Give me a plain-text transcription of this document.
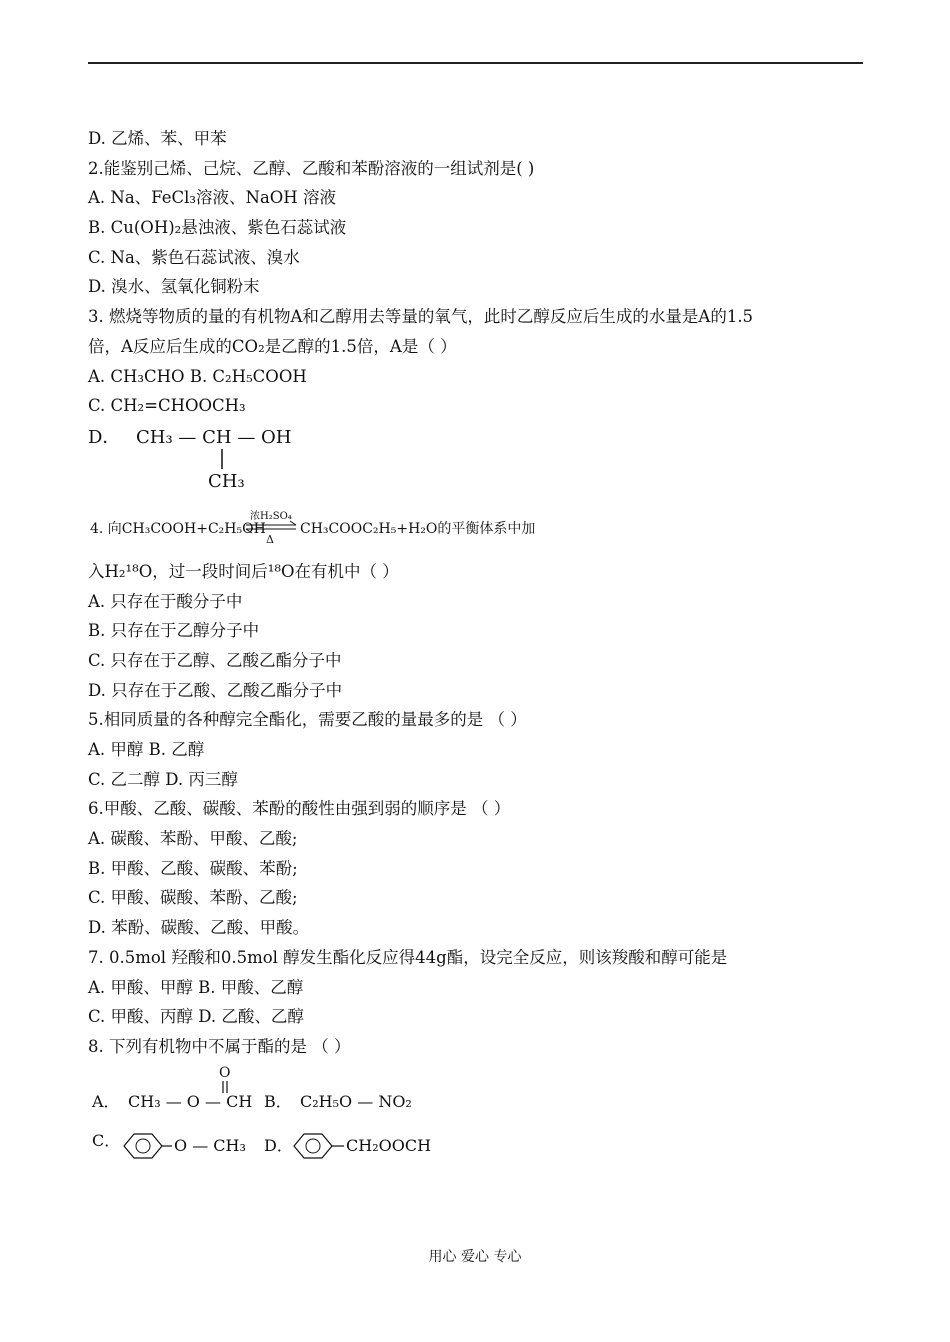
D. 乙烯、苯、甲苯
2.能鉴别己烯、己烷、乙醇、乙酸和苯酚溶液的一组试剂是( )
A. Na、FeCl₃溶液、NaOH 溶液
B. Cu(OH)₂悬浊液、紫色石蕊试液
C. Na、紫色石蕊试液、溴水
D. 溴水、氢氧化铜粉末
3. 燃烧等物质的量的有机物A和乙醇用去等量的氧气，此时乙醇反应后生成的水量是A的1.5
倍，A反应后生成的CO₂是乙醇的1.5倍，A是（ ）
A. CH₃CHO B. C₂H₅COOH
C. CH₂=CHOOCH₃
D． CH₃ — CH — OH
CH₃
4. 向CH₃COOH+C₂H₅OH
浓H₂SO₄
Δ
CH₃COOC₂H₅+H₂O的平衡体系中加
入H₂¹⁸O，过一段时间后¹⁸O在有机中（ ）
A. 只存在于酸分子中
B. 只存在于乙醇分子中
C. 只存在于乙醇、乙酸乙酯分子中
D. 只存在于乙酸、乙酸乙酯分子中
5.相同质量的各种醇完全酯化，需要乙酸的量最多的是 （ ）
A. 甲醇 B. 乙醇
C. 乙二醇 D. 丙三醇
6.甲酸、乙酸、碳酸、苯酚的酸性由强到弱的顺序是 （ ）
A. 碳酸、苯酚、甲酸、乙酸;
B. 甲酸、乙酸、碳酸、苯酚;
C. 甲酸、碳酸、苯酚、乙酸;
D. 苯酚、碳酸、乙酸、甲酸。
7. 0.5mol 羟酸和0.5mol 醇发生酯化反应得44g酯，设完全反应，则该羧酸和醇可能是
A. 甲酸、甲醇 B. 甲酸、乙醇
C. 甲酸、丙醇 D. 乙酸、乙醇
8. 下列有机物中不属于酯的是 （ ）
A． CH₃ — O — CH
O
B． C₂H₅O — NO₂
C．	O — CH₃ D．	CH₂OOCH
用心 爱心 专心
